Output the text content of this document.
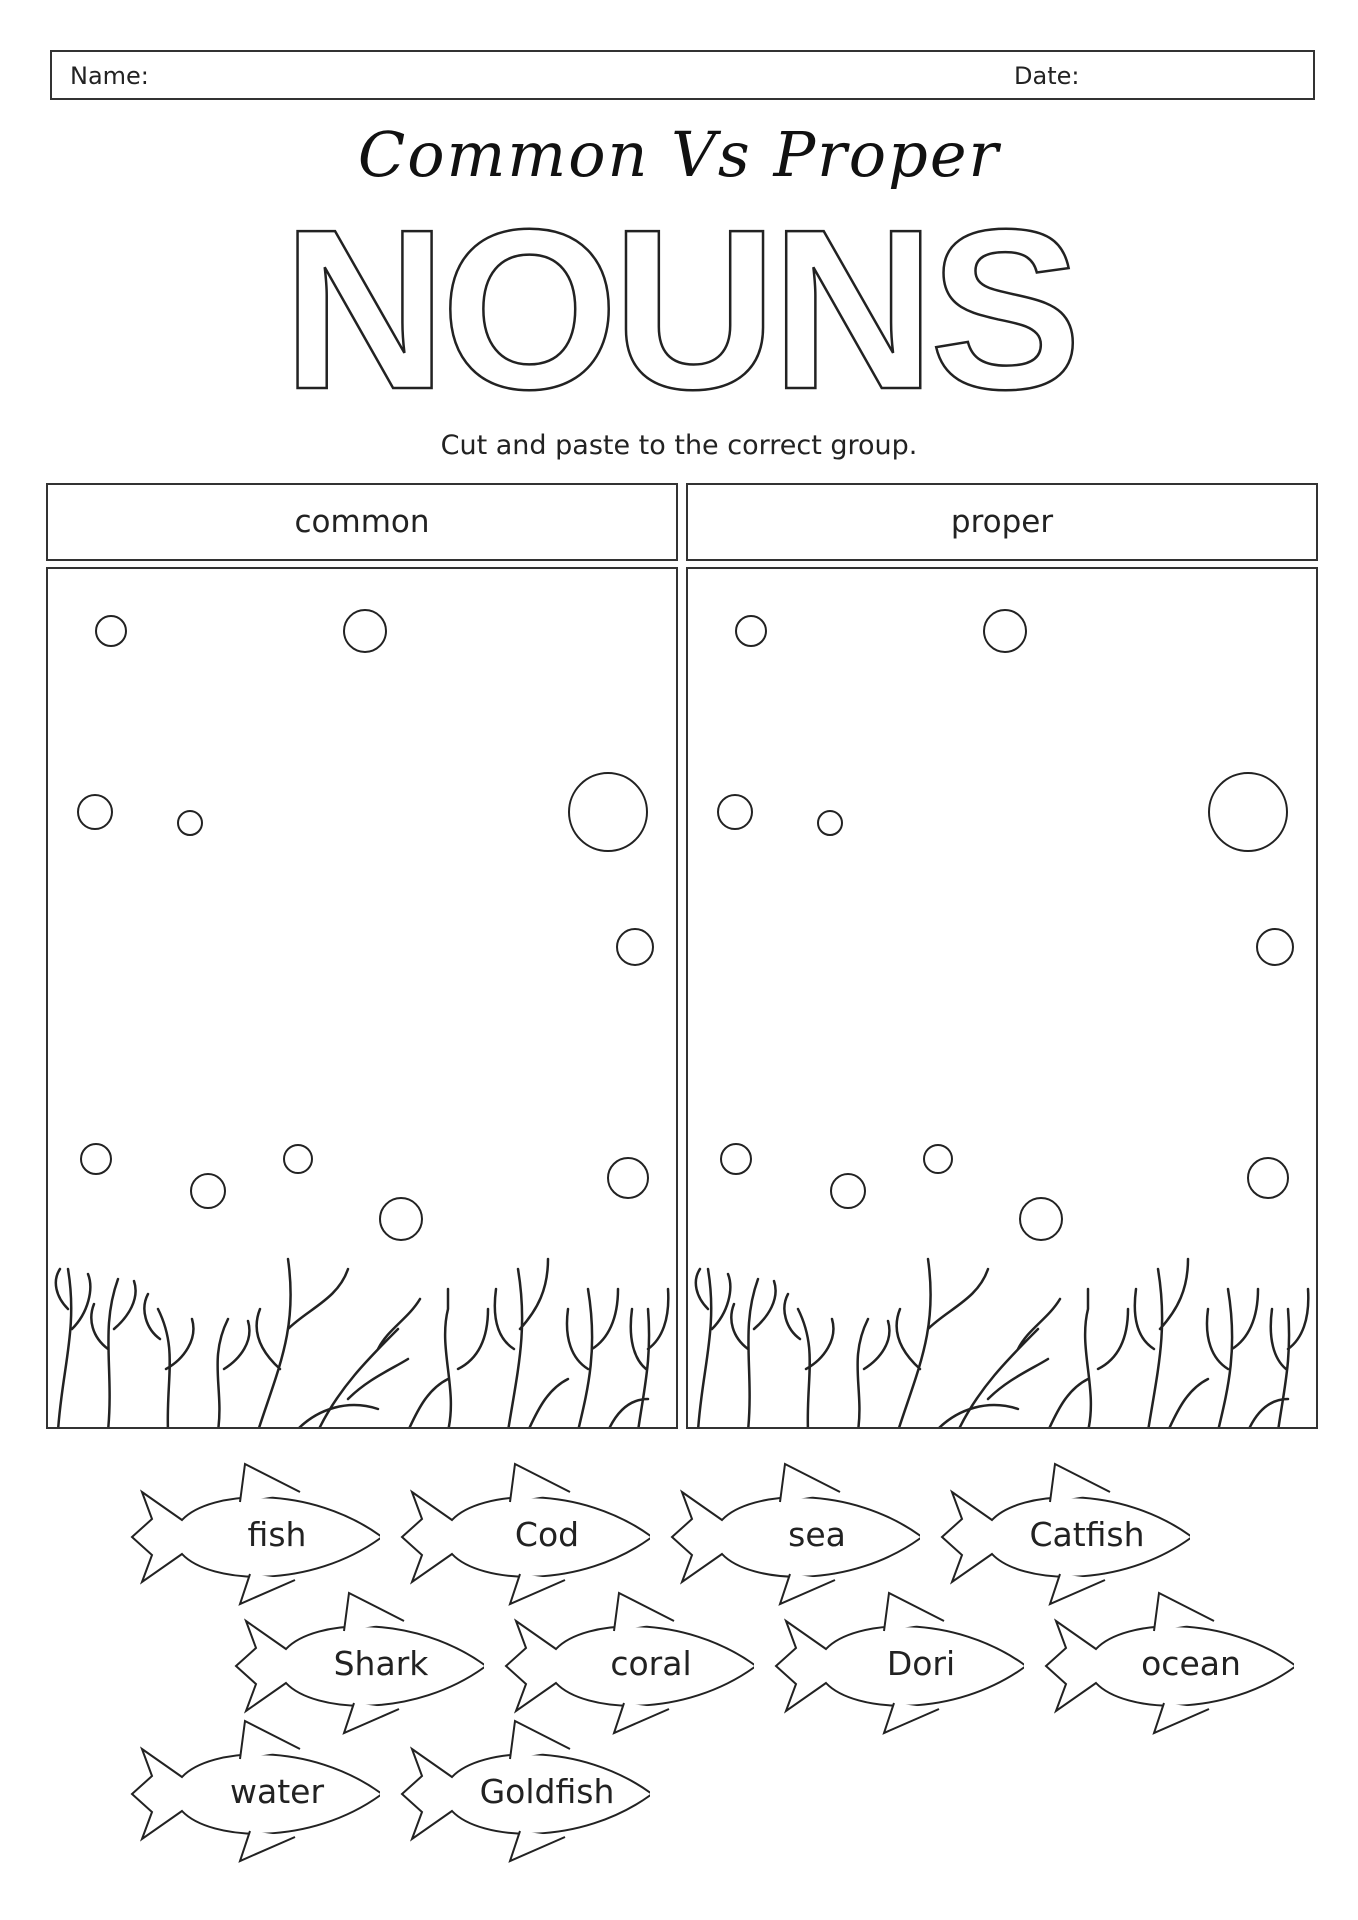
Name:	Date:
Common Vs Proper
NOUNS
Cut and paste to the correct group.
common	proper
fish	Cod	sea	Catfish
Shark	coral	Dori	ocean
water	Goldfish
